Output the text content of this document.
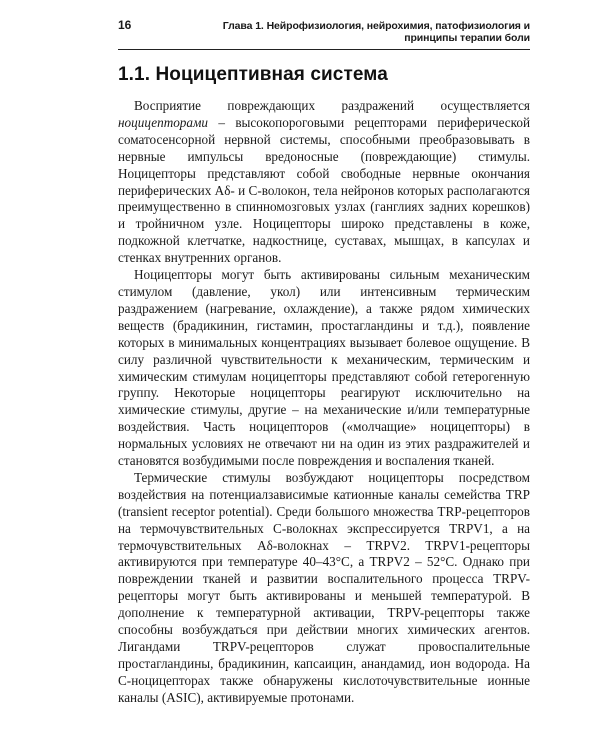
16	Глава 1. Нейрофизиология, нейрохимия, патофизиология и принципы терапии боли
1.1. Ноцицептивная система

Восприятие повреждающих раздражений осуществляется ноцицепторами – высокопороговыми рецепторами периферической соматосенсорной нервной системы, способными преобразовывать в нервные импульсы вредоносные (повреждающие) стимулы. Ноцицепторы представляют собой свободные нервные окончания периферических Aδ- и C-волокон, тела нейронов которых располагаются преимущественно в спинномозговых узлах (ганглиях задних корешков) и тройничном узле. Ноцицепторы широко представлены в коже, подкожной клетчатке, надкостнице, суставах, мышцах, в капсулах и стенках внутренних органов.

Ноцицепторы могут быть активированы сильным механическим стимулом (давление, укол) или интенсивным термическим раздражением (нагревание, охлаждение), а также рядом химических веществ (брадикинин, гистамин, простагландины и т.д.), появление которых в минимальных концентрациях вызывает болевое ощущение. В силу различной чувствительности к механическим, термическим и химическим стимулам ноцицепторы представляют собой гетерогенную группу. Некоторые ноцицепторы реагируют исключительно на химические стимулы, другие – на механические и/или температурные воздействия. Часть ноцицепторов («молчащие» ноцицепторы) в нормальных условиях не отвечают ни на один из этих раздражителей и становятся возбудимыми после повреждения и воспаления тканей.

Термические стимулы возбуждают ноцицепторы посредством воздействия на потенциалзависимые катионные каналы семейства TRP (transient receptor potential). Среди большого множества TRP-рецепторов на термочувствительных C-волокнах экспрессируется TRPV1, а на термочувствительных Aδ-волокнах – TRPV2. TRPV1-рецепторы активируются при температуре 40–43°C, а TRPV2 – 52°C. Однако при повреждении тканей и развитии воспалительного процесса TRPV-рецепторы могут быть активированы и меньшей температурой. В дополнение к температурной активации, TRPV-рецепторы также способны возбуждаться при действии многих химических агентов. Лигандами TRPV-рецепторов служат провоспалительные простагландины, брадикинин, капсаицин, анандамид, ион водорода. На C-ноцицепторах также обнаружены кислоточувствительные ионные каналы (ASIC), активируемые протонами.
